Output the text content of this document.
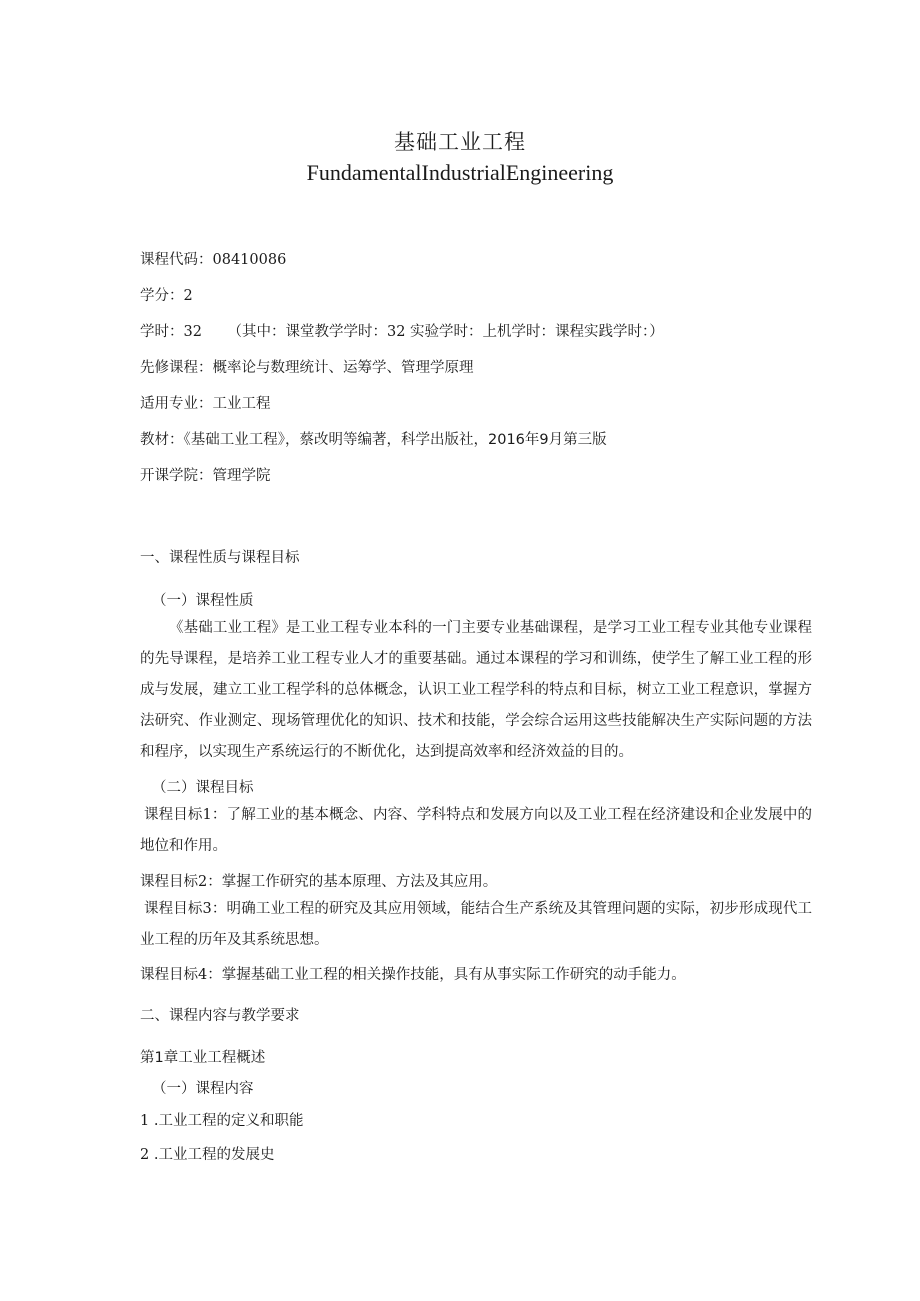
基础工业工程
FundamentalIndustrialEngineering
课程代码：08410086
学分：2
学时：32 （其中：课堂教学学时：32 实验学时：上机学时：课程实践学时：）
先修课程：概率论与数理统计、运筹学、管理学原理
适用专业：工业工程
教材：《基础工业工程》，蔡改明等编著，科学出版社，2016年9月第三版
开课学院：管理学院
一、课程性质与课程目标
（一）课程性质

《基础工业工程》是工业工程专业本科的一门主要专业基础课程，是学习工业工程专业其他专业课程的先导课程，是培养工业工程专业人才的重要基础。通过本课程的学习和训练，使学生了解工业工程的形成与发展，建立工业工程学科的总体概念，认识工业工程学科的特点和目标，树立工业工程意识，掌握方法研究、作业测定、现场管理优化的知识、技术和技能，学会综合运用这些技能解决生产实际问题的方法和程序，以实现生产系统运行的不断优化，达到提高效率和经济效益的目的。

（二）课程目标

课程目标1：了解工业的基本概念、内容、学科特点和发展方向以及工业工程在经济建设和企业发展中的地位和作用。

课程目标2：掌握工作研究的基本原理、方法及其应用。

课程目标3：明确工业工程的研究及其应用领域，能结合生产系统及其管理问题的实际，初步形成现代工业工程的历年及其系统思想。

课程目标4：掌握基础工业工程的相关操作技能，具有从事实际工作研究的动手能力。
二、课程内容与教学要求
第1章工业工程概述
（一）课程内容
1 .工业工程的定义和职能
2 .工业工程的发展史
